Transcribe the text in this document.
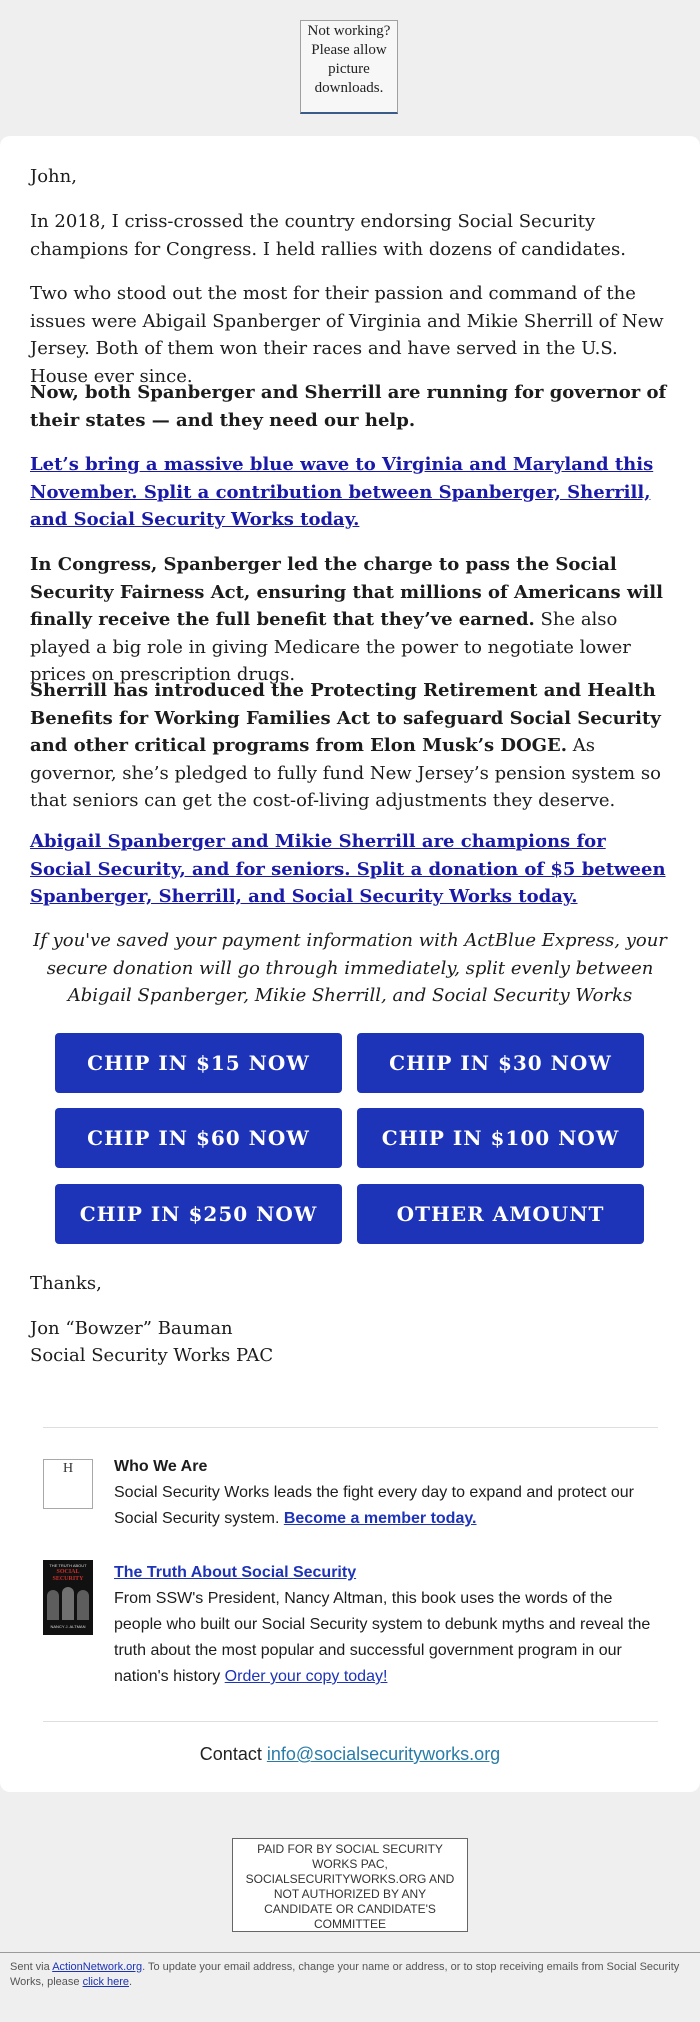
Not working? Please allow picture downloads.

John,

In 2018, I criss-crossed the country endorsing Social Security champions for Congress. I held rallies with dozens of candidates.

Two who stood out the most for their passion and command of the issues were Abigail Spanberger of Virginia and Mikie Sherrill of New Jersey. Both of them won their races and have served in the U.S. House ever since.

Now, both Spanberger and Sherrill are running for governor of their states — and they need our help.

Let’s bring a massive blue wave to Virginia and Maryland this November. Split a contribution between Spanberger, Sherrill, and Social Security Works today.

In Congress, Spanberger led the charge to pass the Social Security Fairness Act, ensuring that millions of Americans will finally receive the full benefit that they’ve earned. She also played a big role in giving Medicare the power to negotiate lower prices on prescription drugs.

Sherrill has introduced the Protecting Retirement and Health Benefits for Working Families Act to safeguard Social Security and other critical programs from Elon Musk’s DOGE. As governor, she’s pledged to fully fund New Jersey’s pension system so that seniors can get the cost-of-living adjustments they deserve.

Abigail Spanberger and Mikie Sherrill are champions for Social Security, and for seniors. Split a donation of $5 between Spanberger, Sherrill, and Social Security Works today.

If you've saved your payment information with ActBlue Express, your secure donation will go through immediately, split evenly between Abigail Spanberger, Mikie Sherrill, and Social Security Works

CHIP IN $15 NOW	CHIP IN $30 NOW
CHIP IN $60 NOW	CHIP IN $100 NOW
CHIP IN $250 NOW	OTHER AMOUNT

Thanks,

Jon “Bowzer” Bauman

Social Security Works PAC

H	Who We Are
Social Security Works leads the fight every day to expand and protect our Social Security system. Become a member today.
THE TRUTH ABOUT
SOCIAL SECURITY
NANCY J. ALTMAN
The Truth About Social Security
From SSW's President, Nancy Altman, this book uses the words of the people who built our Social Security system to debunk myths and reveal the truth about the most popular and successful government program in our nation's history Order your copy today!
Contact info@socialsecurityworks.org
PAID FOR BY SOCIAL SECURITY WORKS PAC, SOCIALSECURITYWORKS.ORG AND NOT AUTHORIZED BY ANY CANDIDATE OR CANDIDATE'S COMMITTEE
Sent via ActionNetwork.org. To update your email address, change your name or address, or to stop receiving emails from Social Security Works, please click here.
